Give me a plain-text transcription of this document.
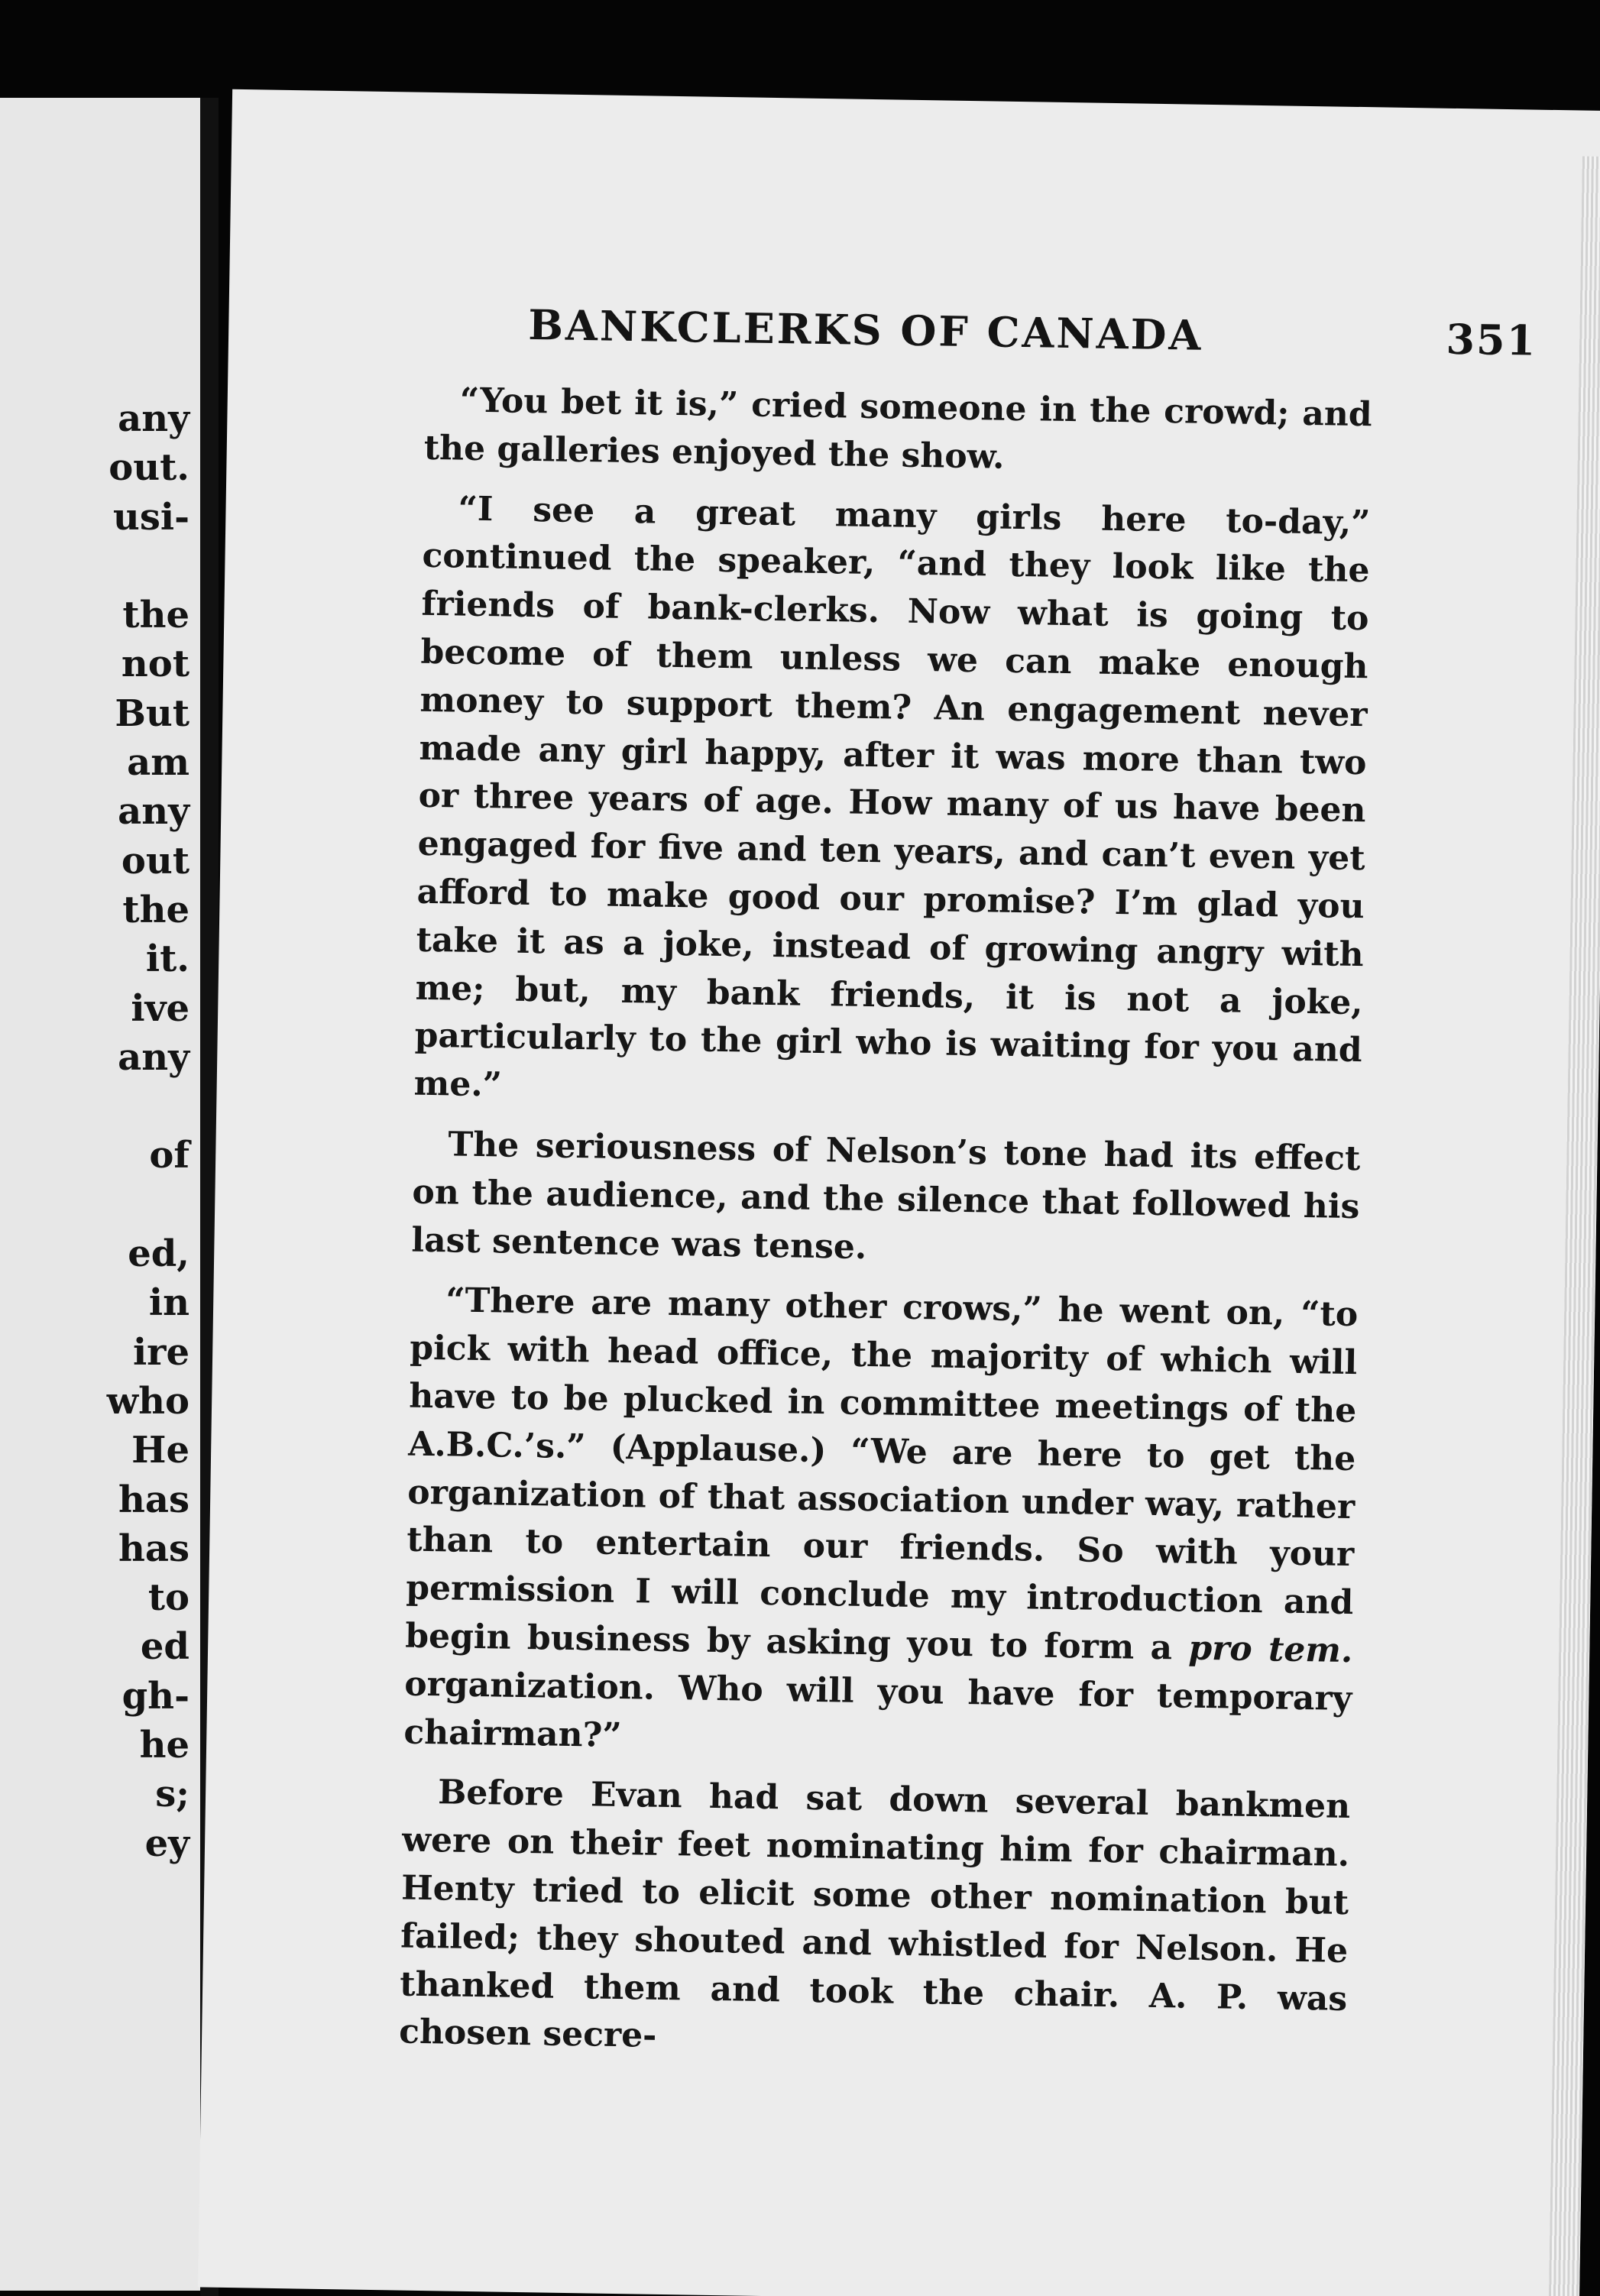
any
out.
usi-
the
not
But
am
any
out
the
it.
ive
any
of
ed,
in
ire
who
He
has
has
to
ed
gh-
he
s;
ey
BANKCLERKS OF CANADA	351

“You bet it is,” cried someone in the crowd; and the galleries enjoyed the show.

“I see a great many girls here to-day,” continued the speaker, “and they look like the friends of bank-clerks. Now what is going to become of them unless we can make enough money to support them? An engagement never made any girl happy, after it was more than two or three years of age. How many of us have been engaged for five and ten years, and can’t even yet afford to make good our promise? I’m glad you take it as a joke, instead of growing angry with me; but, my bank friends, it is not a joke, particularly to the girl who is waiting for you and me.”

The seriousness of Nelson’s tone had its effect on the audience, and the silence that followed his last sentence was tense.

“There are many other crows,” he went on, “to pick with head office, the majority of which will have to be plucked in committee meetings of the A.B.C.’s.” (Applause.) “We are here to get the organization of that association under way, rather than to entertain our friends. So with your permission I will conclude my introduction and begin business by asking you to form a pro tem. organization. Who will you have for temporary chairman?”

Before Evan had sat down several bankmen were on their feet nominating him for chairman. Henty tried to elicit some other nomination but failed; they shouted and whistled for Nelson. He thanked them and took the chair. A. P. was chosen secre-
